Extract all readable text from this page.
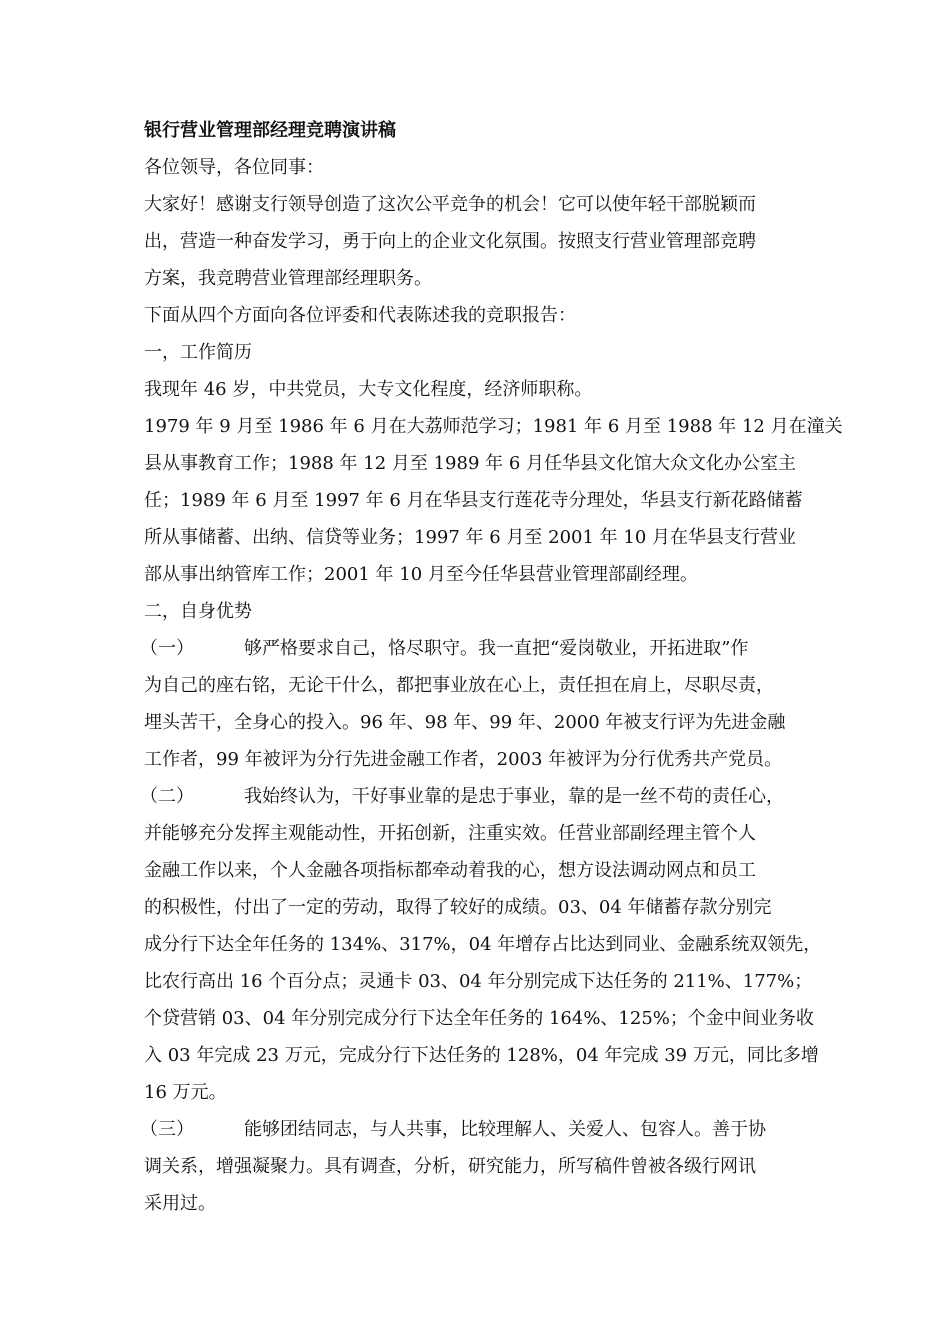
银行营业管理部经理竞聘演讲稿
各位领导，各位同事：
大家好！感谢支行领导创造了这次公平竞争的机会！它可以使年轻干部脱颖而
出，营造一种奋发学习，勇于向上的企业文化氛围。按照支行营业管理部竞聘
方案，我竞聘营业管理部经理职务。
下面从四个方面向各位评委和代表陈述我的竞职报告：
一，工作简历
我现年 46 岁，中共党员，大专文化程度，经济师职称。
1979 年 9 月至 1986 年 6 月在大荔师范学习；1981 年 6 月至 1988 年 12 月在潼关
县从事教育工作；1988 年 12 月至 1989 年 6 月任华县文化馆大众文化办公室主
任；1989 年 6 月至 1997 年 6 月在华县支行莲花寺分理处，华县支行新花路储蓄
所从事储蓄、出纳、信贷等业务；1997 年 6 月至 2001 年 10 月在华县支行营业
部从事出纳管库工作；2001 年 10 月至今任华县营业管理部副经理。
二，自身优势
（一）	够严格要求自己，恪尽职守。我一直把“爱岗敬业，开拓进取”作
为自己的座右铭，无论干什么，都把事业放在心上，责任担在肩上，尽职尽责，
埋头苦干，全身心的投入。96 年、98 年、99 年、2000 年被支行评为先进金融
工作者，99 年被评为分行先进金融工作者，2003 年被评为分行优秀共产党员。
（二）	我始终认为，干好事业靠的是忠于事业，靠的是一丝不苟的责任心，
并能够充分发挥主观能动性，开拓创新，注重实效。任营业部副经理主管个人
金融工作以来，个人金融各项指标都牵动着我的心，想方设法调动网点和员工
的积极性，付出了一定的劳动，取得了较好的成绩。03、04 年储蓄存款分别完
成分行下达全年任务的 134%、317%，04 年增存占比达到同业、金融系统双领先，
比农行高出 16 个百分点；灵通卡 03、04 年分别完成下达任务的 211%、177%；
个贷营销 03、04 年分别完成分行下达全年任务的 164%、125%；个金中间业务收
入 03 年完成 23 万元，完成分行下达任务的 128%，04 年完成 39 万元，同比多增
16 万元。
（三）	能够团结同志，与人共事，比较理解人、关爱人、包容人。善于协
调关系，增强凝聚力。具有调查，分析，研究能力，所写稿件曾被各级行网讯
采用过。
